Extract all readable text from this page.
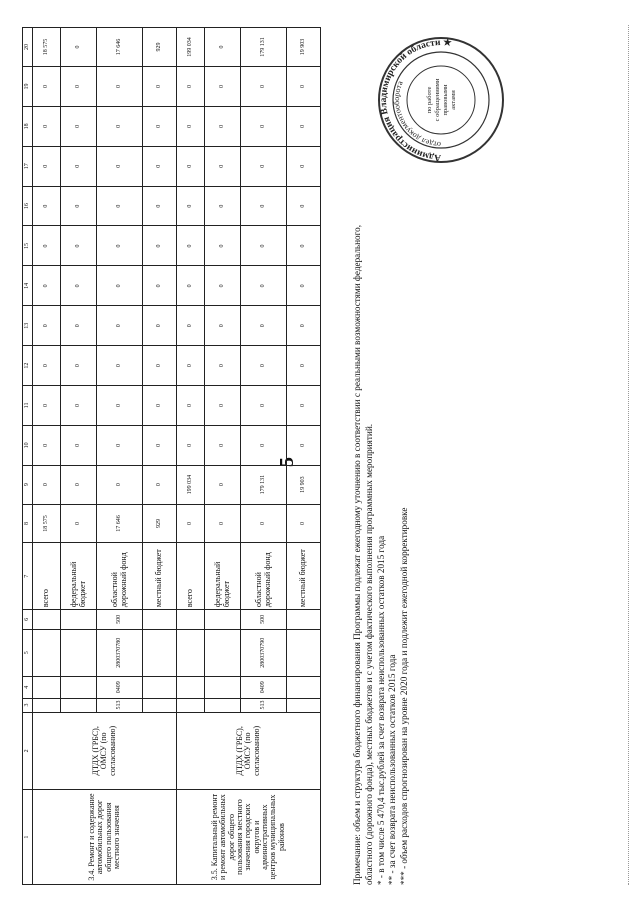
5
1	2	3	4	5	6	7	8	9	10	11	12	13	14	15	16	17	18	19	20
3.4. Ремонт и содержание автомобильных дорог общего пользования местного значения	ДТДХ (ГРБС), ОМСУ (по согласованию)					всего	18 575	0	0	0	0	0	0	0	0	0	0	0	18 575
						федеральный бюджет	0	0	0	0	0	0	0	0	0	0	0	0	0
		513	0409	2800370780	500	областной дорожный фонд	17 646	0	0	0	0	0	0	0	0	0	0	0	17 646
						местный бюджет	929	0	0	0	0	0	0	0	0	0	0	0	929
3.5. Капитальный ремонт и ремонт автомобильных дорог общего пользования местного значения городских округов и административных центров муниципальных районов	ДТДХ (ГРБС), ОМСУ (по согласованию)					всего	0	199 034	0	0	0	0	0	0	0	0	0	0	199 034
						федеральный бюджет	0	0	0	0	0	0	0	0	0	0	0	0	0
		513	0409	2800370790	500	областной дорожный фонд	0	179 131	0	0	0	0	0	0	0	0	0	0	179 131
						местный бюджет	0	19 903	0	0	0	0	0	0	0	0	0	0	19 903
Примечание: объем и структура бюджетного финансирования Программы подлежат ежегодному уточнению в соответствии с реальными возможностями федерального, областного (дорожного фонда), местных бюджетов и с учетом фактического выполнения программных мероприятий. * - в том числе 5 470,4 тыс.рублей за счет возврата неиспользованных остатков 2015 года ** - за счет возврата неиспользованных остатков 2015 года *** - объем расходов спрогнозирован на уровне 2020 года и подлежит ежегодной корректировке
Администрация Владимирской области ★
отдел документооборота
по работе с обращениями правовыми актами
